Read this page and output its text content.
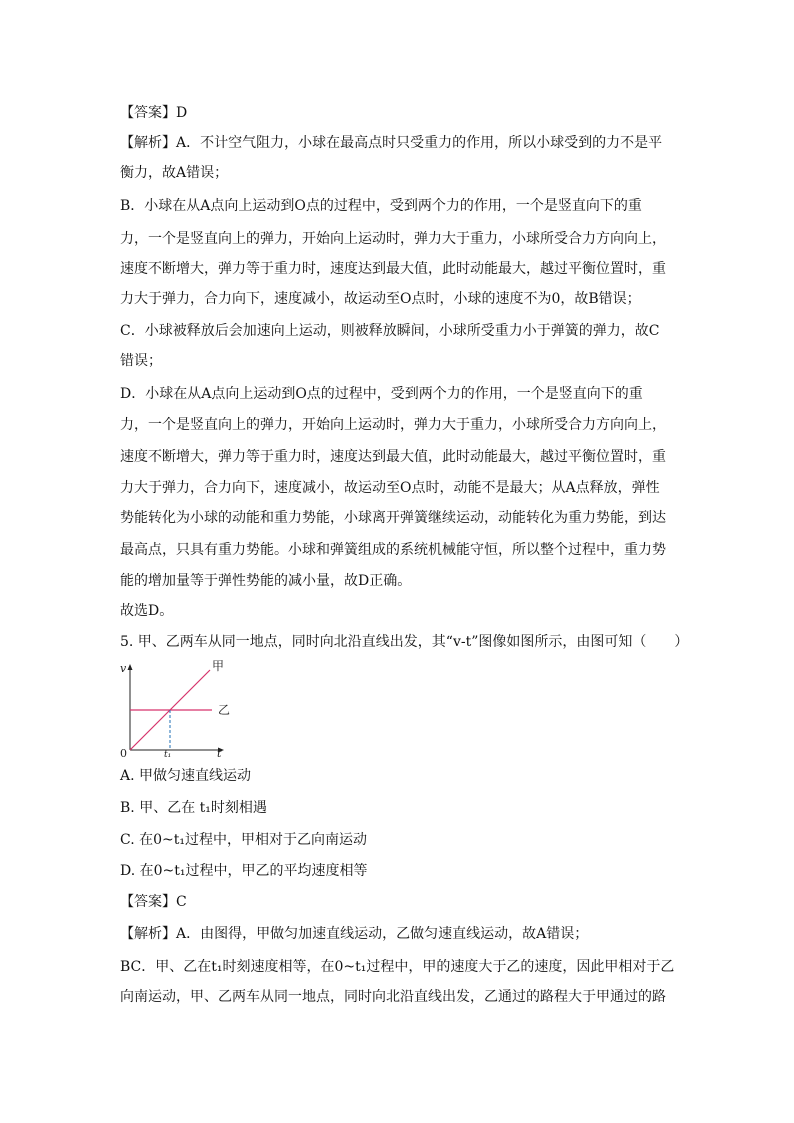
【答案】D
【解析】A．不计空气阻力，小球在最高点时只受重力的作用，所以小球受到的力不是平
衡力，故A错误；
B．小球在从A点向上运动到O点的过程中，受到两个力的作用，一个是竖直向下的重
力，一个是竖直向上的弹力，开始向上运动时，弹力大于重力，小球所受合力方向向上，
速度不断增大，弹力等于重力时，速度达到最大值，此时动能最大，越过平衡位置时，重
力大于弹力，合力向下，速度减小，故运动至O点时，小球的速度不为0，故B错误；
C．小球被释放后会加速向上运动，则被释放瞬间，小球所受重力小于弹簧的弹力，故C
错误；
D．小球在从A点向上运动到O点的过程中，受到两个力的作用，一个是竖直向下的重
力，一个是竖直向上的弹力，开始向上运动时，弹力大于重力，小球所受合力方向向上，
速度不断增大，弹力等于重力时，速度达到最大值，此时动能最大，越过平衡位置时，重
力大于弹力，合力向下，速度减小，故运动至O点时，动能不是最大；从A点释放，弹性
势能转化为小球的动能和重力势能，小球离开弹簧继续运动，动能转化为重力势能，到达
最高点，只具有重力势能。小球和弹簧组成的系统机械能守恒，所以整个过程中，重力势
能的增加量等于弹性势能的减小量，故D正确。
故选D。
5. 甲、乙两车从同一地点，同时向北沿直线出发，其“v-t”图像如图所示，由图可知（　　）
v
t
0	t₁
甲
乙
A. 甲做匀速直线运动
B. 甲、乙在 t₁时刻相遇
C. 在0~t₁过程中，甲相对于乙向南运动
D. 在0~t₁过程中，甲乙的平均速度相等
【答案】C
【解析】A．由图得，甲做匀加速直线运动，乙做匀速直线运动，故A错误；
BC．甲、乙在t₁时刻速度相等，在0~t₁过程中，甲的速度大于乙的速度，因此甲相对于乙
向南运动，甲、乙两车从同一地点，同时向北沿直线出发，乙通过的路程大于甲通过的路
